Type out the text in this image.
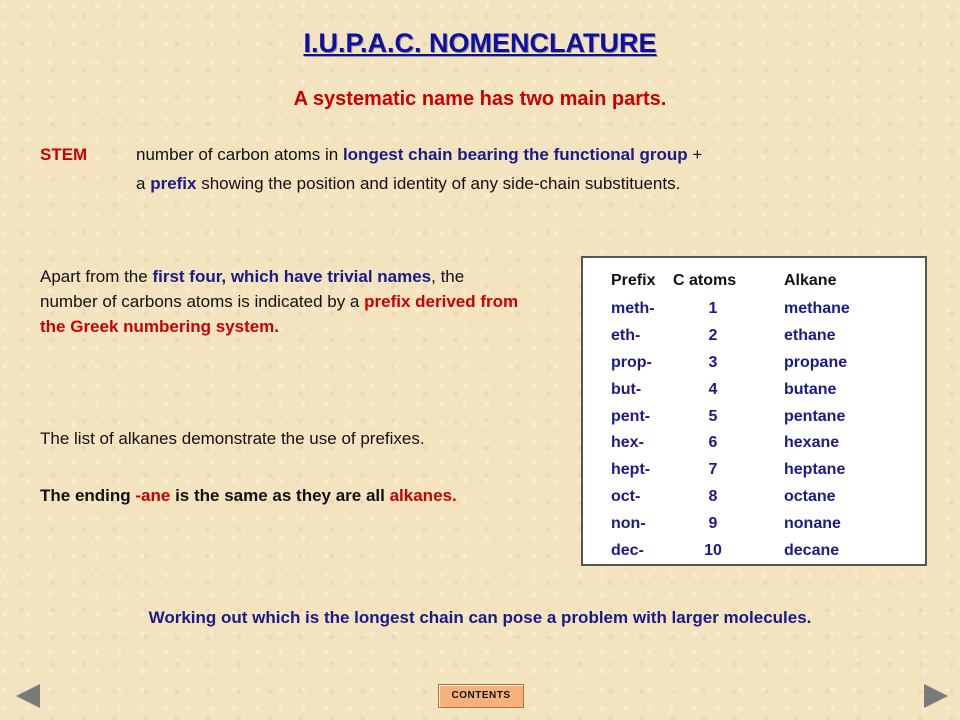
I.U.P.A.C. NOMENCLATURE
A systematic name has two main parts.
STEM	number of carbon atoms in longest chain bearing the functional group +
a prefix showing the position and identity of any side-chain substituents.
Apart from the first four, which have trivial names, the number of carbons atoms is indicated by a prefix derived from the Greek numbering system.
The list of alkanes demonstrate the use of prefixes.
The ending -ane is the same as they are all alkanes.
Prefix	C atoms	Alkane
meth-	1	methane
eth-	2	ethane
prop-	3	propane
but-	4	butane
pent-	5	pentane
hex-	6	hexane
hept-	7	heptane
oct-	8	octane
non-	9	nonane
dec-	10	decane
Working out which is the longest chain can pose a problem with larger molecules.
CONTENTS
